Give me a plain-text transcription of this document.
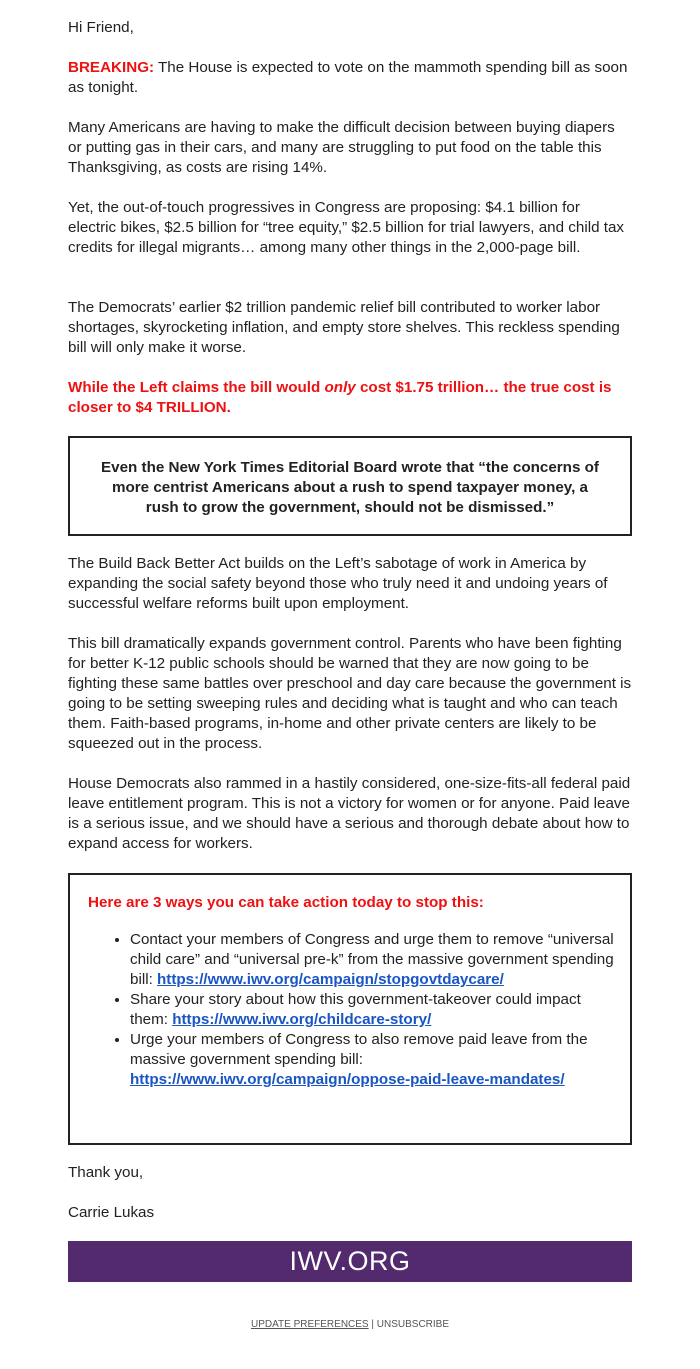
Hi Friend,

BREAKING: The House is expected to vote on the mammoth spending bill as soon as tonight.

Many Americans are having to make the difficult decision between buying diapers or putting gas in their cars, and many are struggling to put food on the table this Thanksgiving, as costs are rising 14%.

Yet, the out-of-touch progressives in Congress are proposing: $4.1 billion for electric bikes, $2.5 billion for “tree equity,” $2.5 billion for trial lawyers, and child tax credits for illegal migrants… among many other things in the 2,000-page bill.

The Democrats’ earlier $2 trillion pandemic relief bill contributed to worker labor shortages, skyrocketing inflation, and empty store shelves. This reckless spending bill will only make it worse.

While the Left claims the bill would only cost $1.75 trillion… the true cost is closer to $4 TRILLION.

Even the New York Times Editorial Board wrote that “the concerns of more centrist Americans about a rush to spend taxpayer money, a rush to grow the government, should not be dismissed.”

The Build Back Better Act builds on the Left’s sabotage of work in America by expanding the social safety beyond those who truly need it and undoing years of successful welfare reforms built upon employment.

This bill dramatically expands government control. Parents who have been fighting for better K-12 public schools should be warned that they are now going to be fighting these same battles over preschool and day care because the government is going to be setting sweeping rules and deciding what is taught and who can teach them. Faith-based programs, in-home and other private centers are likely to be squeezed out in the process.

House Democrats also rammed in a hastily considered, one-size-fits-all federal paid leave entitlement program. This is not a victory for women or for anyone. Paid leave is a serious issue, and we should have a serious and thorough debate about how to expand access for workers.

Here are 3 ways you can take action today to stop this:

• Contact your members of Congress and urge them to remove “universal child care” and “universal pre-k” from the massive government spending bill: https://www.iwv.org/campaign/stopgovtdaycare/
• Share your story about how this government-takeover could impact them: https://www.iwv.org/childcare-story/
• Urge your members of Congress to also remove paid leave from the massive government spending bill: https://www.iwv.org/campaign/oppose-paid-leave-mandates/

Thank you,

Carrie Lukas

IWV.ORG
UPDATE PREFERENCES | UNSUBSCRIBE
